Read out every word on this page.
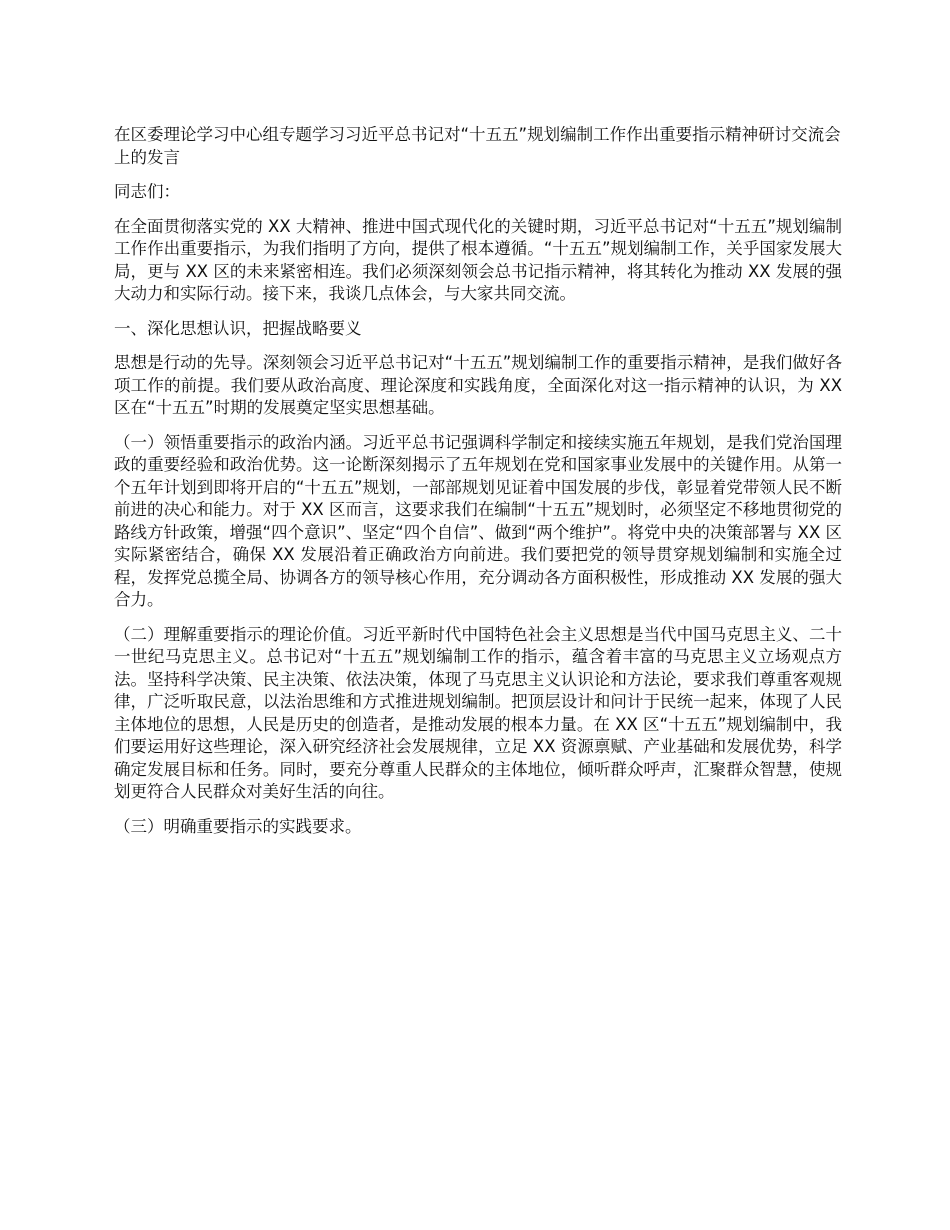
在区委理论学习中心组专题学习习近平总书记对“十五五”规划编制工作作出重要指示精神研讨交流会上的发言

同志们：

在全面贯彻落实党的 XX 大精神、推进中国式现代化的关键时期，习近平总书记对“十五五”规划编制工作作出重要指示，为我们指明了方向，提供了根本遵循。“十五五”规划编制工作，关乎国家发展大局，更与 XX 区的未来紧密相连。我们必须深刻领会总书记指示精神，将其转化为推动 XX 发展的强大动力和实际行动。接下来，我谈几点体会，与大家共同交流。

一、深化思想认识，把握战略要义

思想是行动的先导。深刻领会习近平总书记对“十五五”规划编制工作的重要指示精神，是我们做好各项工作的前提。我们要从政治高度、理论深度和实践角度，全面深化对这一指示精神的认识，为 XX 区在“十五五”时期的发展奠定坚实思想基础。

（一）领悟重要指示的政治内涵。习近平总书记强调科学制定和接续实施五年规划，是我们党治国理政的重要经验和政治优势。这一论断深刻揭示了五年规划在党和国家事业发展中的关键作用。从第一个五年计划到即将开启的“十五五”规划，一部部规划见证着中国发展的步伐，彰显着党带领人民不断前进的决心和能力。对于 XX 区而言，这要求我们在编制“十五五”规划时，必须坚定不移地贯彻党的路线方针政策，增强“四个意识”、坚定“四个自信”、做到“两个维护”。将党中央的决策部署与 XX 区实际紧密结合，确保 XX 发展沿着正确政治方向前进。我们要把党的领导贯穿规划编制和实施全过程，发挥党总揽全局、协调各方的领导核心作用，充分调动各方面积极性，形成推动 XX 发展的强大合力。

（二）理解重要指示的理论价值。习近平新时代中国特色社会主义思想是当代中国马克思主义、二十一世纪马克思主义。总书记对“十五五”规划编制工作的指示，蕴含着丰富的马克思主义立场观点方法。坚持科学决策、民主决策、依法决策，体现了马克思主义认识论和方法论，要求我们尊重客观规律，广泛听取民意，以法治思维和方式推进规划编制。把顶层设计和问计于民统一起来，体现了人民主体地位的思想，人民是历史的创造者，是推动发展的根本力量。在 XX 区“十五五”规划编制中，我们要运用好这些理论，深入研究经济社会发展规律，立足 XX 资源禀赋、产业基础和发展优势，科学确定发展目标和任务。同时，要充分尊重人民群众的主体地位，倾听群众呼声，汇聚群众智慧，使规划更符合人民群众对美好生活的向往。

（三）明确重要指示的实践要求。
